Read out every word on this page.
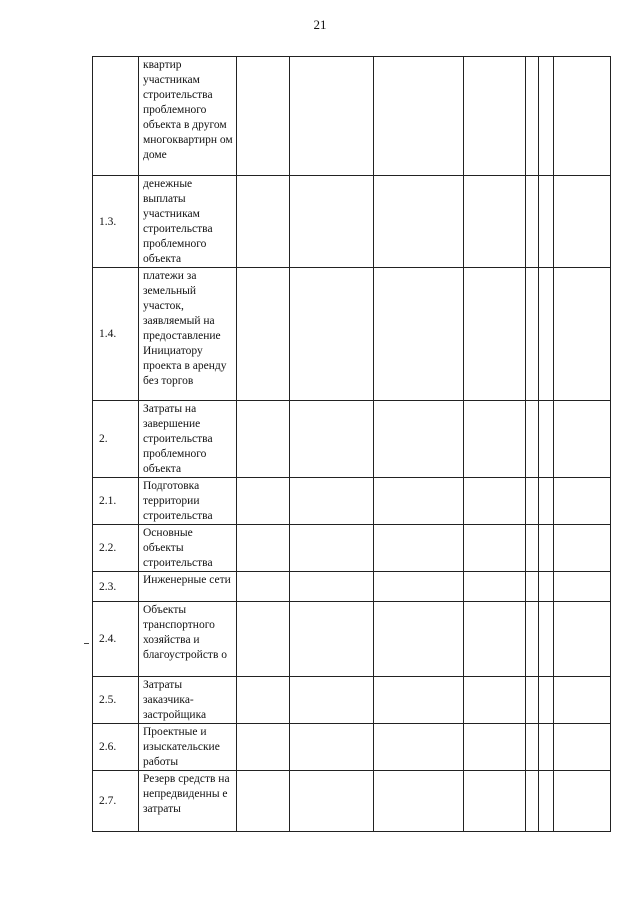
21
	квартир участникам строительства проблемного объекта в другом многоквартирн ом доме							
1.3.	денежные выплаты участникам строительства проблемного объекта							
1.4.	платежи за земельный участок, заявляемый на предоставление Инициатору проекта в аренду без торгов							
2.	Затраты на завершение строительства проблемного объекта							
2.1.	Подготовка территории строительства							
2.2.	Основные объекты строительства							
2.3.	Инженерные сети							
2.4.	Объекты транспортного хозяйства и благоустройств о							
2.5.	Затраты заказчика-застройщика							
2.6.	Проектные и изыскательские работы							
2.7.	Резерв средств на непредвиденны е затраты							
